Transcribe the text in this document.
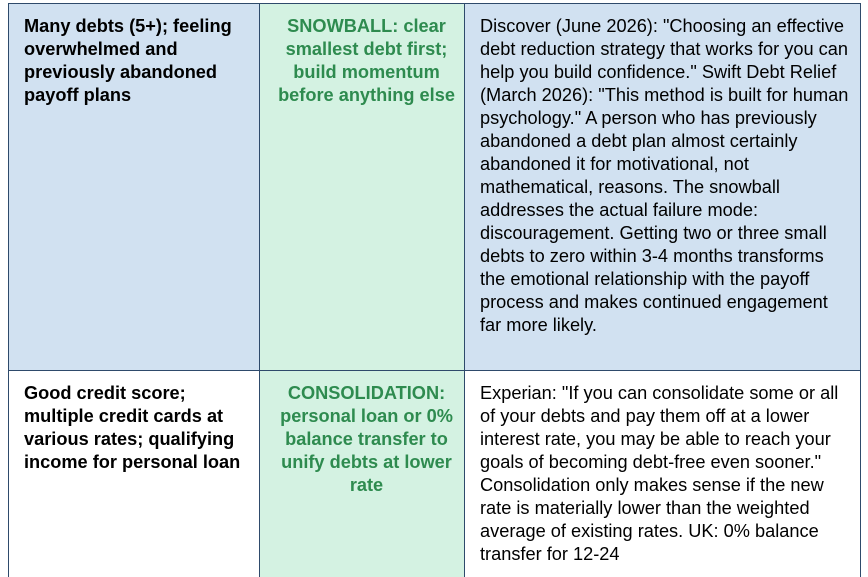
Many debts (5+); feeling overwhelmed and previously abandoned payoff plans	SNOWBALL: clear smallest debt first; build momentum before anything else	Discover (June 2026): "Choosing an effective debt reduction strategy that works for you can help you build confidence." Swift Debt Relief (March 2026): "This method is built for human psychology." A person who has previously abandoned a debt plan almost certainly abandoned it for motivational, not mathematical, reasons. The snowball addresses the actual failure mode: discouragement. Getting two or three small debts to zero within 3-4 months transforms the emotional relationship with the payoff process and makes continued engagement far more likely.
Good credit score; multiple credit cards at various rates; qualifying income for personal loan	CONSOLIDATION: personal loan or 0% balance transfer to unify debts at lower rate	Experian: "If you can consolidate some or all of your debts and pay them off at a lower interest rate, you may be able to reach your goals of becoming debt-free even sooner." Consolidation only makes sense if the new rate is materially lower than the weighted average of existing rates. UK: 0% balance transfer for 12-24
